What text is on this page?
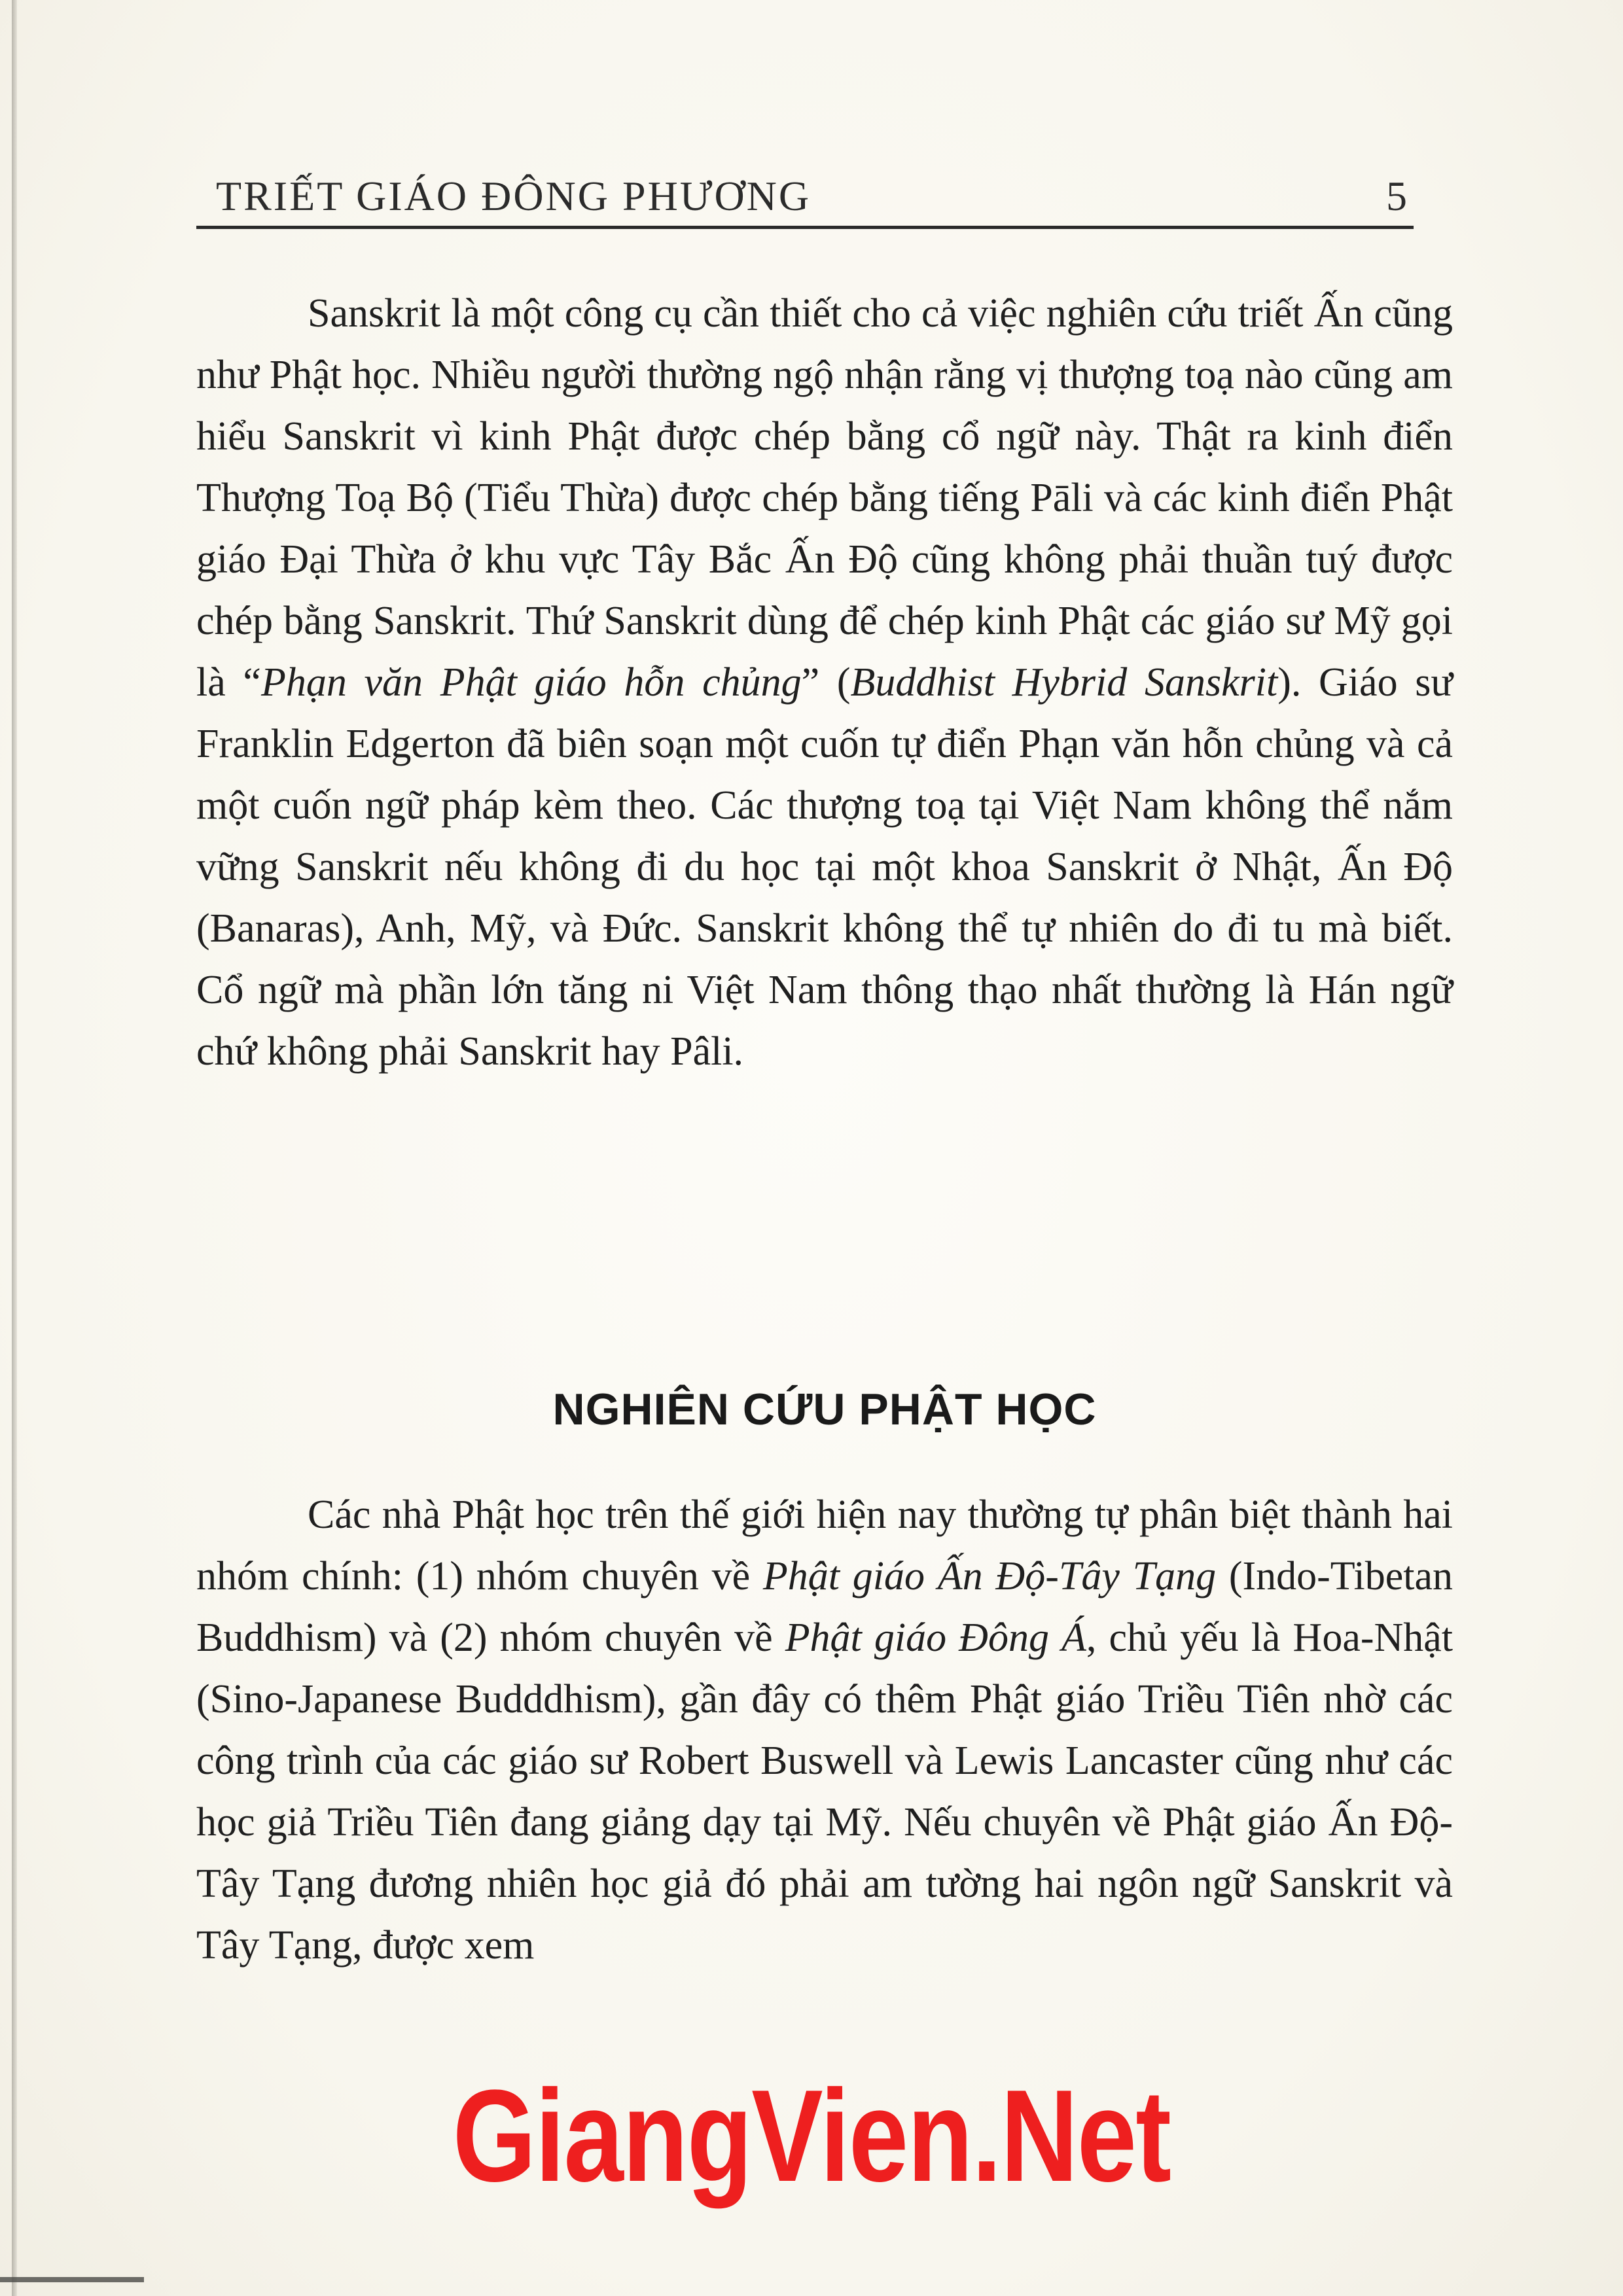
TRIẾT GIÁO ĐÔNG PHƯƠNG	5

Sanskrit là một công cụ cần thiết cho cả việc nghiên cứu triết Ấn cũng như Phật học. Nhiều người thường ngộ nhận rằng vị thượng toạ nào cũng am hiểu Sanskrit vì kinh Phật được chép bằng cổ ngữ này. Thật ra kinh điển Thượng Toạ Bộ (Tiểu Thừa) được chép bằng tiếng Pāli và các kinh điển Phật giáo Đại Thừa ở khu vực Tây Bắc Ấn Độ cũng không phải thuần tuý được chép bằng Sanskrit. Thứ Sanskrit dùng để chép kinh Phật các giáo sư Mỹ gọi là “Phạn văn Phật giáo hỗn chủng” (Buddhist Hybrid Sanskrit). Giáo sư Franklin Edgerton đã biên soạn một cuốn tự điển Phạn văn hỗn chủng và cả một cuốn ngữ pháp kèm theo. Các thượng toạ tại Việt Nam không thể nắm vững Sanskrit nếu không đi du học tại một khoa Sanskrit ở Nhật, Ấn Độ (Banaras), Anh, Mỹ, và Đức. Sanskrit không thể tự nhiên do đi tu mà biết. Cổ ngữ mà phần lớn tăng ni Việt Nam thông thạo nhất thường là Hán ngữ chứ không phải Sanskrit hay Pâli.

NGHIÊN CỨU PHẬT HỌC

Các nhà Phật học trên thế giới hiện nay thường tự phân biệt thành hai nhóm chính: (1) nhóm chuyên về Phật giáo Ấn Độ-Tây Tạng (Indo-Tibetan Buddhism) và (2) nhóm chuyên về Phật giáo Đông Á, chủ yếu là Hoa-Nhật (Sino-Japanese Budddhism), gần đây có thêm Phật giáo Triều Tiên nhờ các công trình của các giáo sư Robert Buswell và Lewis Lancaster cũng như các học giả Triều Tiên đang giảng dạy tại Mỹ. Nếu chuyên về Phật giáo Ấn Độ-Tây Tạng đương nhiên học giả đó phải am tường hai ngôn ngữ Sanskrit và Tây Tạng, được xem

GiangVien.Net
